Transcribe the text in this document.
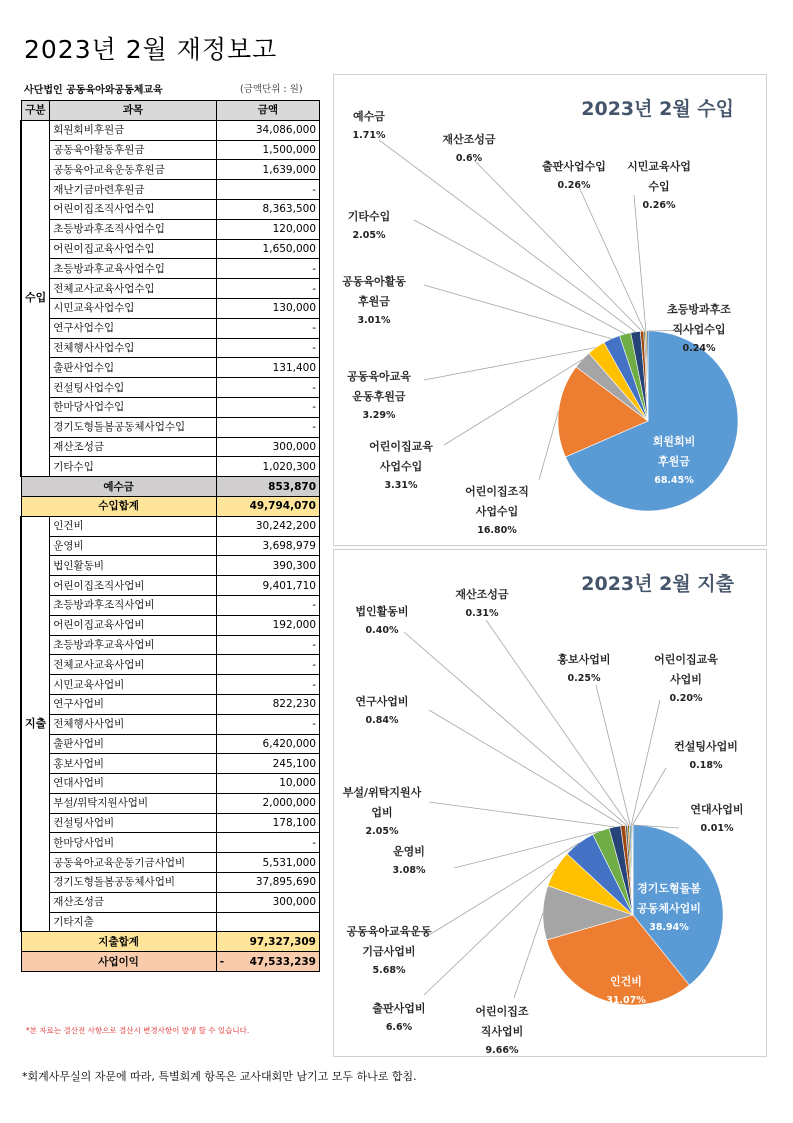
2023년 2월 재정보고
사단법인 공동육아와공동체교육	(금액단위 : 원)
구분	과목	금액
수입	회원회비후원금	34,086,000
	공동육아활동후원금	1,500,000
	공동육아교육운동후원금	1,639,000
	재난기금마련후원금	-
	어린이집조직사업수입	8,363,500
	초등방과후조직사업수입	120,000
	어린이집교육사업수입	1,650,000
	초등방과후교육사업수입	-
	전체교사교육사업수입	-
	시민교육사업수입	130,000
	연구사업수입	-
	전체행사사업수입	-
	출판사업수입	131,400
	컨설팅사업수입	-
	한마당사업수입	-
	경기도형돌봄공동체사업수입	-
	재산조성금	300,000
	기타수입	1,020,300
예수금		853,870
수입합계		49,794,070
지출	인건비	30,242,200
	운영비	3,698,979
	법인활동비	390,300
	어린이집조직사업비	9,401,710
	초등방과후조직사업비	-
	어린이집교육사업비	192,000
	초등방과후교육사업비	-
	전체교사교육사업비	-
	시민교육사업비	-
	연구사업비	822,230
	전체행사사업비	-
	출판사업비	6,420,000
	홍보사업비	245,100
	연대사업비	10,000
	부설/위탁지원사업비	2,000,000
	컨설팅사업비	178,100
	한마당사업비	-
	공동육아교육운동기금사업비	5,531,000
	경기도형돌봄공동체사업비	37,895,690
	재산조성금	300,000
	기타지출	
지출합계		97,327,309
사업이익		- 47,533,239
*본 자료는 결산전 사항으로 결산시 변경사항이 발생 할 수 있습니다.
*회계사무실의 자문에 따라, 특별회계 항목은 교사대회만 남기고 모두 하나로 합침.
2023년 2월 수입
회원회비
후원금
68.45%
어린이집조직
사업수입
16.80%
어린이집교육
사업수입
3.31%
공동육아교육
운동후원금
3.29%
공동육아활동
후원금
3.01%
기타수입
2.05%
예수금
1.71%	재산조성금
0.6%
출판사업수입
0.26%
시민교육사업
수입
0.26%
초등방과후조
직사업수입
0.24%
2023년 2월 지출
경기도형돌봄
공동체사업비
38.94%
인건비
31.07%
어린이집조
직사업비
9.66%
출판사업비
6.6%
공동육아교육운동
기금사업비
5.68%
운영비
3.08%
부설/위탁지원사
업비
2.05%
연구사업비
0.84%
법인활동비
0.40%
재산조성금
0.31%
홍보사업비
0.25%
어린이집교육
사업비
0.20%
컨설팅사업비
0.18%
연대사업비
0.01%
